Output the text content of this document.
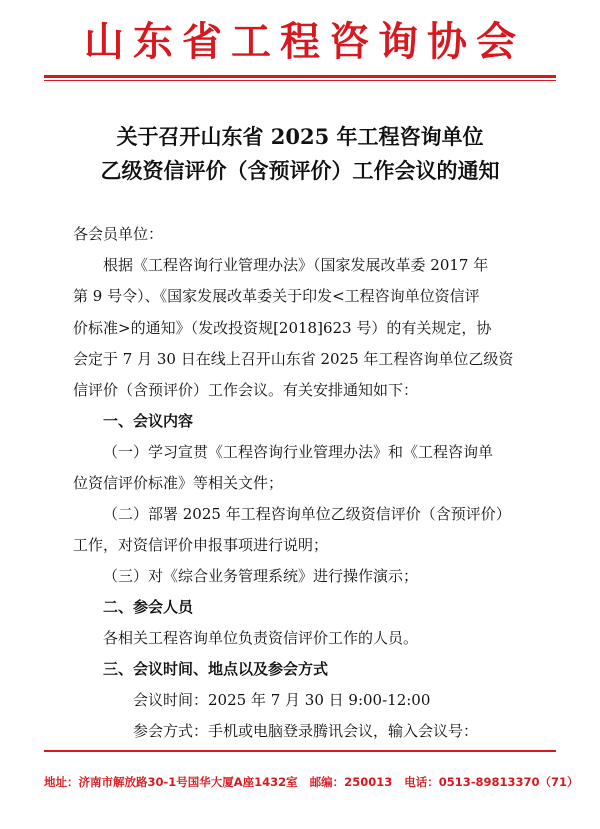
山东省工程咨询协会
关于召开山东省 2025 年工程咨询单位
乙级资信评价（含预评价）工作会议的通知
各会员单位：
根据《工程咨询行业管理办法》（国家发展改革委 2017 年
第 9 号令）、《国家发展改革委关于印发<工程咨询单位资信评
价标准>的通知》（发改投资规[2018]623 号）的有关规定，协
会定于 7 月 30 日在线上召开山东省 2025 年工程咨询单位乙级资
信评价（含预评价）工作会议。有关安排通知如下：
一、会议内容
（一）学习宣贯《工程咨询行业管理办法》和《工程咨询单
位资信评价标准》等相关文件；
（二）部署 2025 年工程咨询单位乙级资信评价（含预评价）
工作，对资信评价申报事项进行说明；
（三）对《综合业务管理系统》进行操作演示；
二、参会人员
各相关工程咨询单位负责资信评价工作的人员。
三、会议时间、地点以及参会方式
会议时间：2025 年 7 月 30 日 9:00-12:00
参会方式：手机或电脑登录腾讯会议，输入会议号：
地址：济南市解放路30-1号国华大厦A座1432室 邮编：250013 电话：0513-89813370（71）
